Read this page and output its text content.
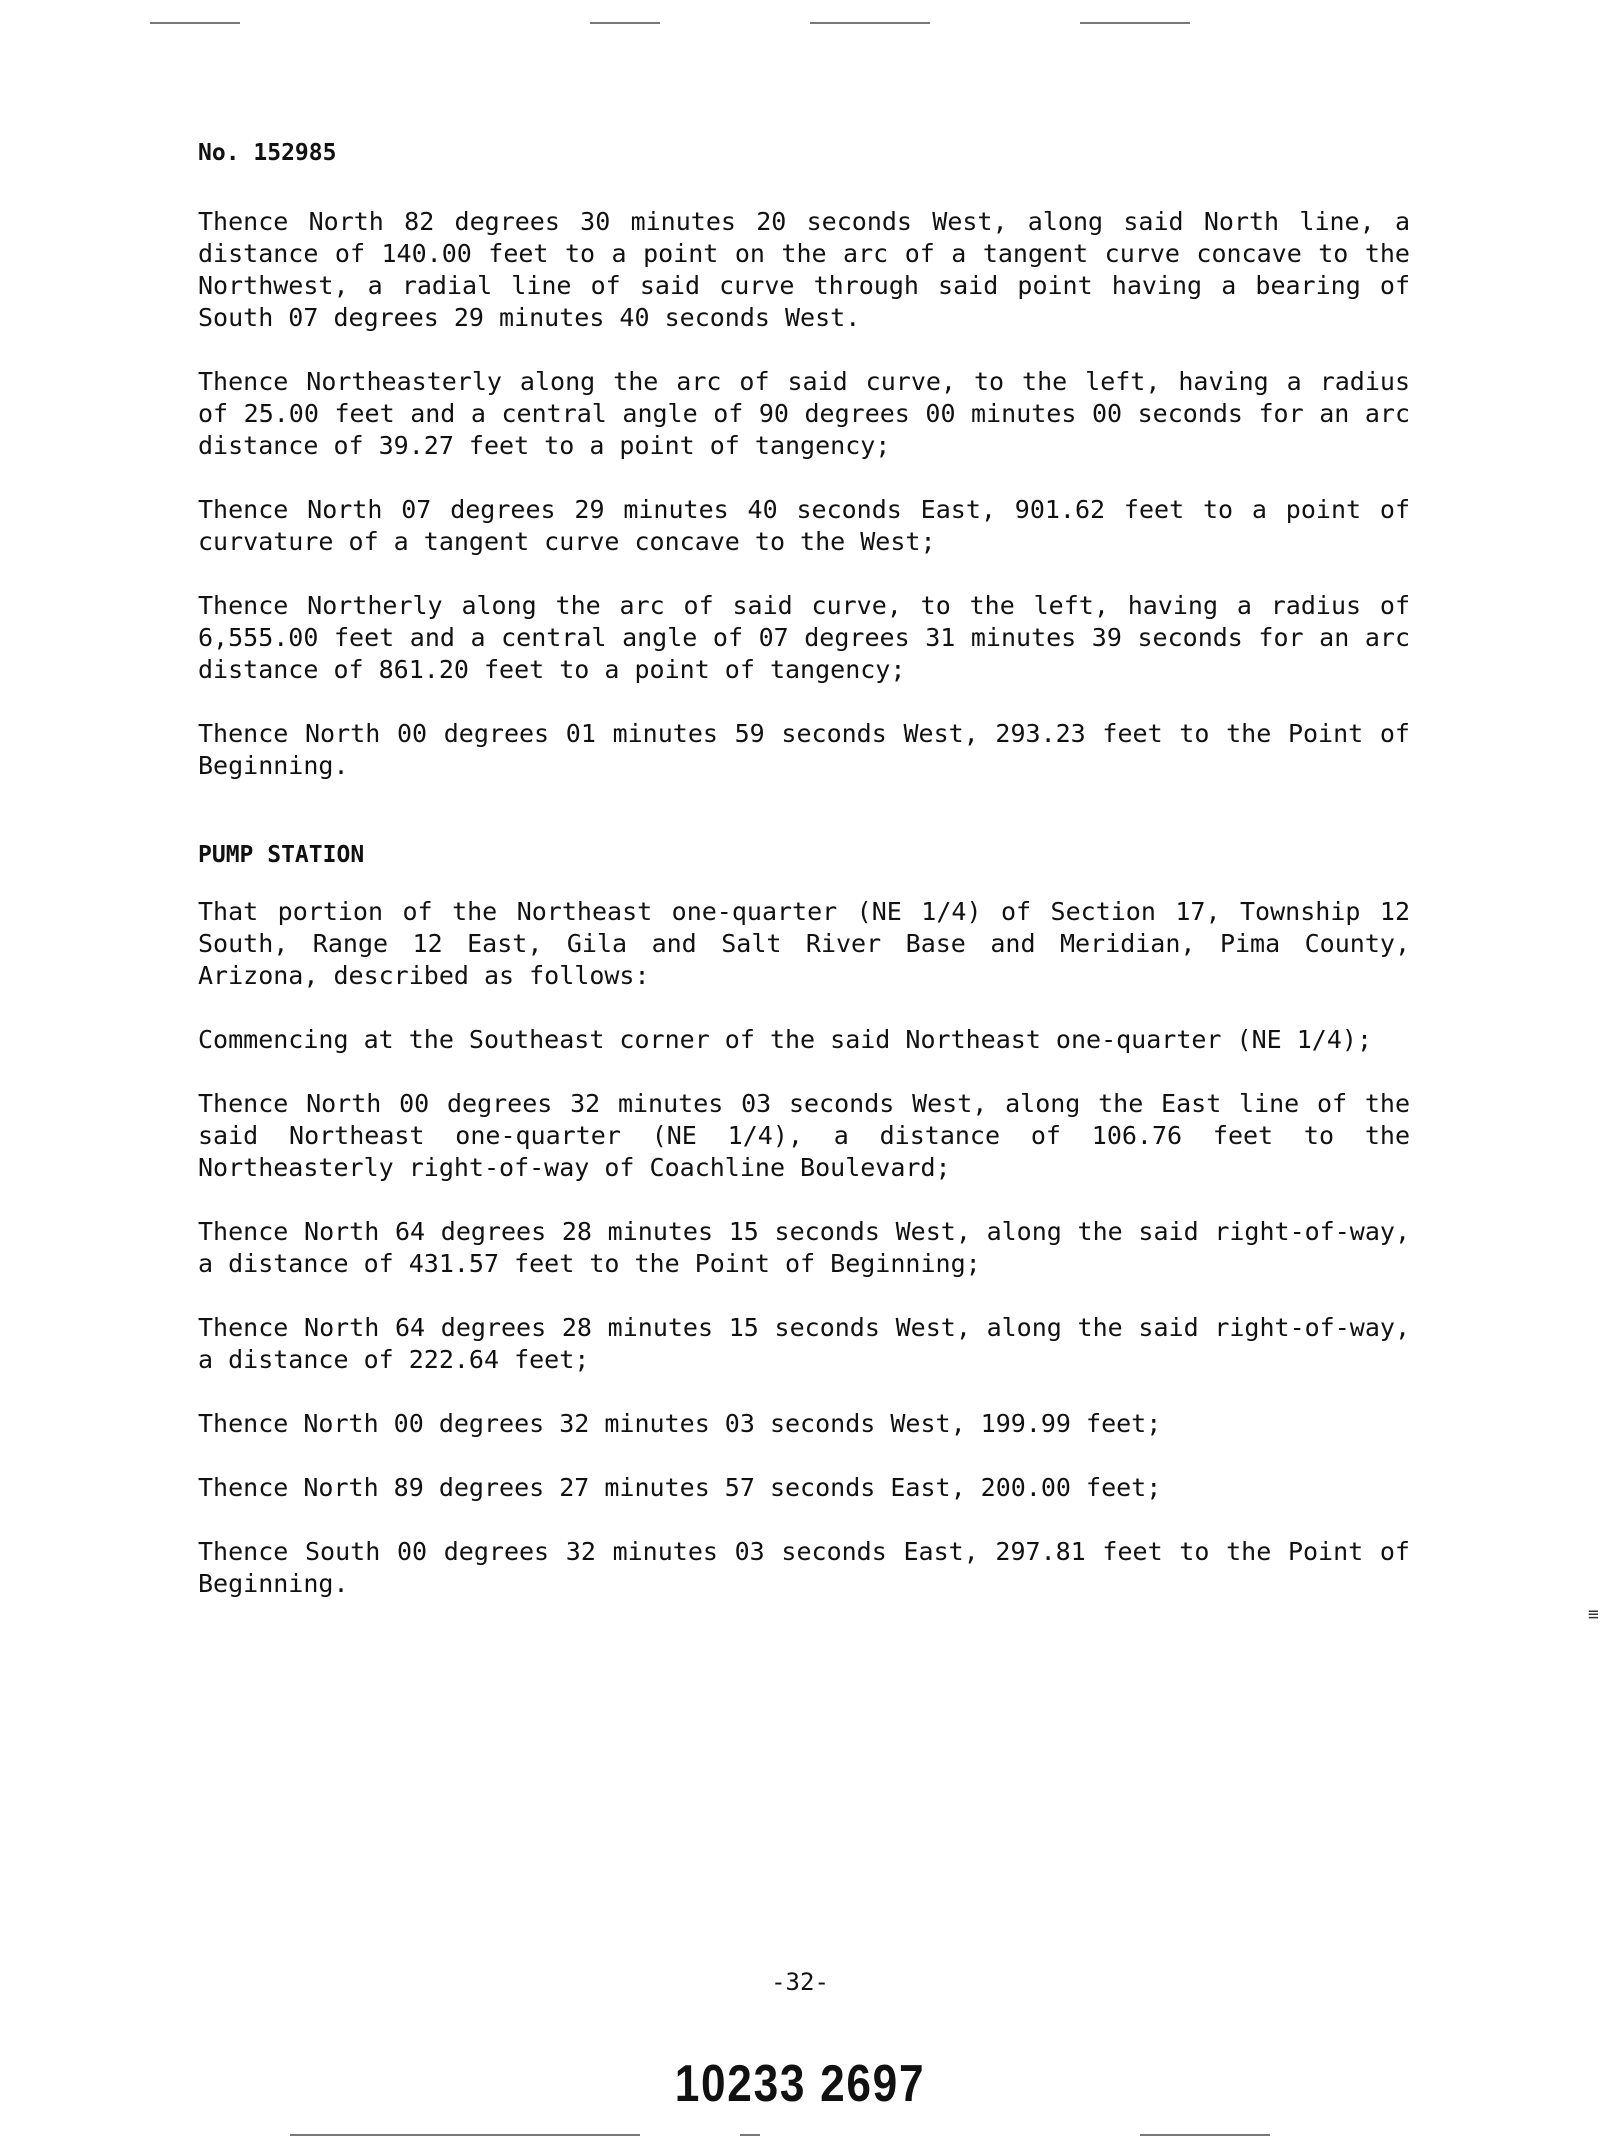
No. 152985

Thence North 82 degrees 30 minutes 20 seconds West, along said North line, a distance of 140.00 feet to a point on the arc of a tangent curve concave to the Northwest, a radial line of said curve through said point having a bearing of South 07 degrees 29 minutes 40 seconds West.

Thence Northeasterly along the arc of said curve, to the left, having a radius of 25.00 feet and a central angle of 90 degrees 00 minutes 00 seconds for an arc distance of 39.27 feet to a point of tangency;

Thence North 07 degrees 29 minutes 40 seconds East, 901.62 feet to a point of curvature of a tangent curve concave to the West;

Thence Northerly along the arc of said curve, to the left, having a radius of 6,555.00 feet and a central angle of 07 degrees 31 minutes 39 seconds for an arc distance of 861.20 feet to a point of tangency;

Thence North 00 degrees 01 minutes 59 seconds West, 293.23 feet to the Point of Beginning.

PUMP STATION

That portion of the Northeast one-quarter (NE 1/4) of Section 17, Township 12 South, Range 12 East, Gila and Salt River Base and Meridian, Pima County, Arizona, described as follows:

Commencing at the Southeast corner of the said Northeast one-quarter (NE 1/4);

Thence North 00 degrees 32 minutes 03 seconds West, along the East line of the said Northeast one-quarter (NE 1/4), a distance of 106.76 feet to the Northeasterly right-of-way of Coachline Boulevard;

Thence North 64 degrees 28 minutes 15 seconds West, along the said right-of-way, a distance of 431.57 feet to the Point of Beginning;

Thence North 64 degrees 28 minutes 15 seconds West, along the said right-of-way, a distance of 222.64 feet;

Thence North 00 degrees 32 minutes 03 seconds West, 199.99 feet;

Thence North 89 degrees 27 minutes 57 seconds East, 200.00 feet;

Thence South 00 degrees 32 minutes 03 seconds East, 297.81 feet to the Point of Beginning.

≡
-32-
10233 2697
